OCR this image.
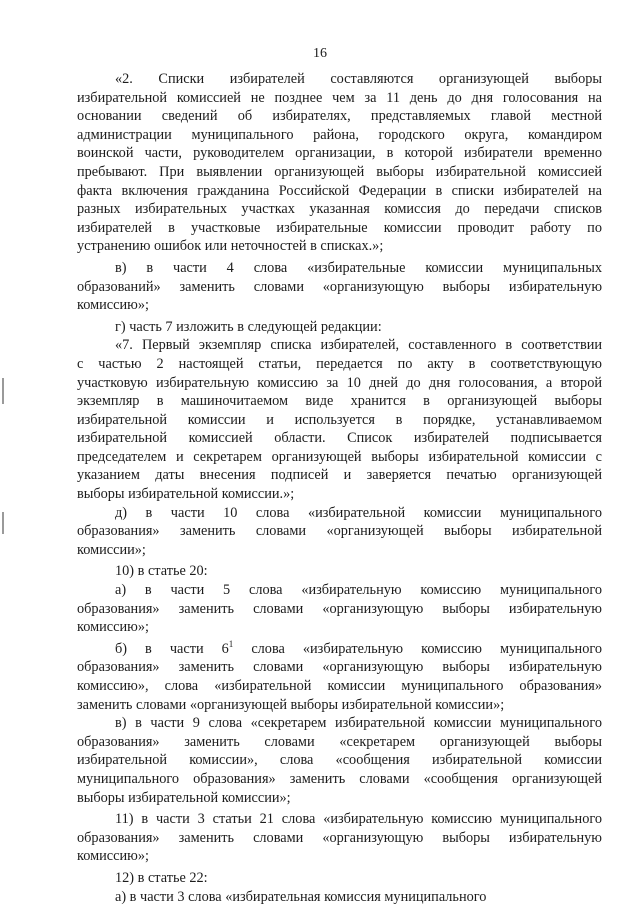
16

«2. Списки избирателей составляются организующей выборы
избирательной комиссией не позднее чем за 11 день до дня голосования на
основании сведений об избирателях, представляемых главой местной
администрации муниципального района, городского округа, командиром
воинской части, руководителем организации, в которой избиратели временно
пребывают. При выявлении организующей выборы избирательной комиссией
факта включения гражданина Российской Федерации в списки избирателей на
разных избирательных участках указанная комиссия до передачи списков
избирателей в участковые избирательные комиссии проводит работу по
устранению ошибок или неточностей в списках.»;

в) в части 4 слова «избирательные комиссии муниципальных
образований» заменить словами «организующую выборы избирательную
комиссию»;

г) часть 7 изложить в следующей редакции:

«7. Первый экземпляр списка избирателей, составленного в соответствии
с частью 2 настоящей статьи, передается по акту в соответствующую
участковую избирательную комиссию за 10 дней до дня голосования, а второй
экземпляр в машиночитаемом виде хранится в организующей выборы
избирательной комиссии и используется в порядке, устанавливаемом
избирательной комиссией области. Список избирателей подписывается
председателем и секретарем организующей выборы избирательной комиссии с
указанием даты внесения подписей и заверяется печатью организующей
выборы избирательной комиссии.»;

д) в части 10 слова «избирательной комиссии муниципального
образования» заменить словами «организующей выборы избирательной
комиссии»;

10) в статье 20:

а) в части 5 слова «избирательную комиссию муниципального
образования» заменить словами «организующую выборы избирательную
комиссию»;

б) в части $6^1$ слова «избирательную комиссию муниципального
образования» заменить словами «организующую выборы избирательную
комиссию», слова «избирательной комиссии муниципального образования»
заменить словами «организующей выборы избирательной комиссии»;

в) в части 9 слова «секретарем избирательной комиссии муниципального
образования» заменить словами «секретарем организующей выборы
избирательной комиссии», слова «сообщения избирательной комиссии
муниципального образования» заменить словами «сообщения организующей
выборы избирательной комиссии»;

11) в части 3 статьи 21 слова «избирательную комиссию муниципального
образования» заменить словами «организующую выборы избирательную
комиссию»;

12) в статье 22:

а) в части 3 слова «избирательная комиссия муниципального
